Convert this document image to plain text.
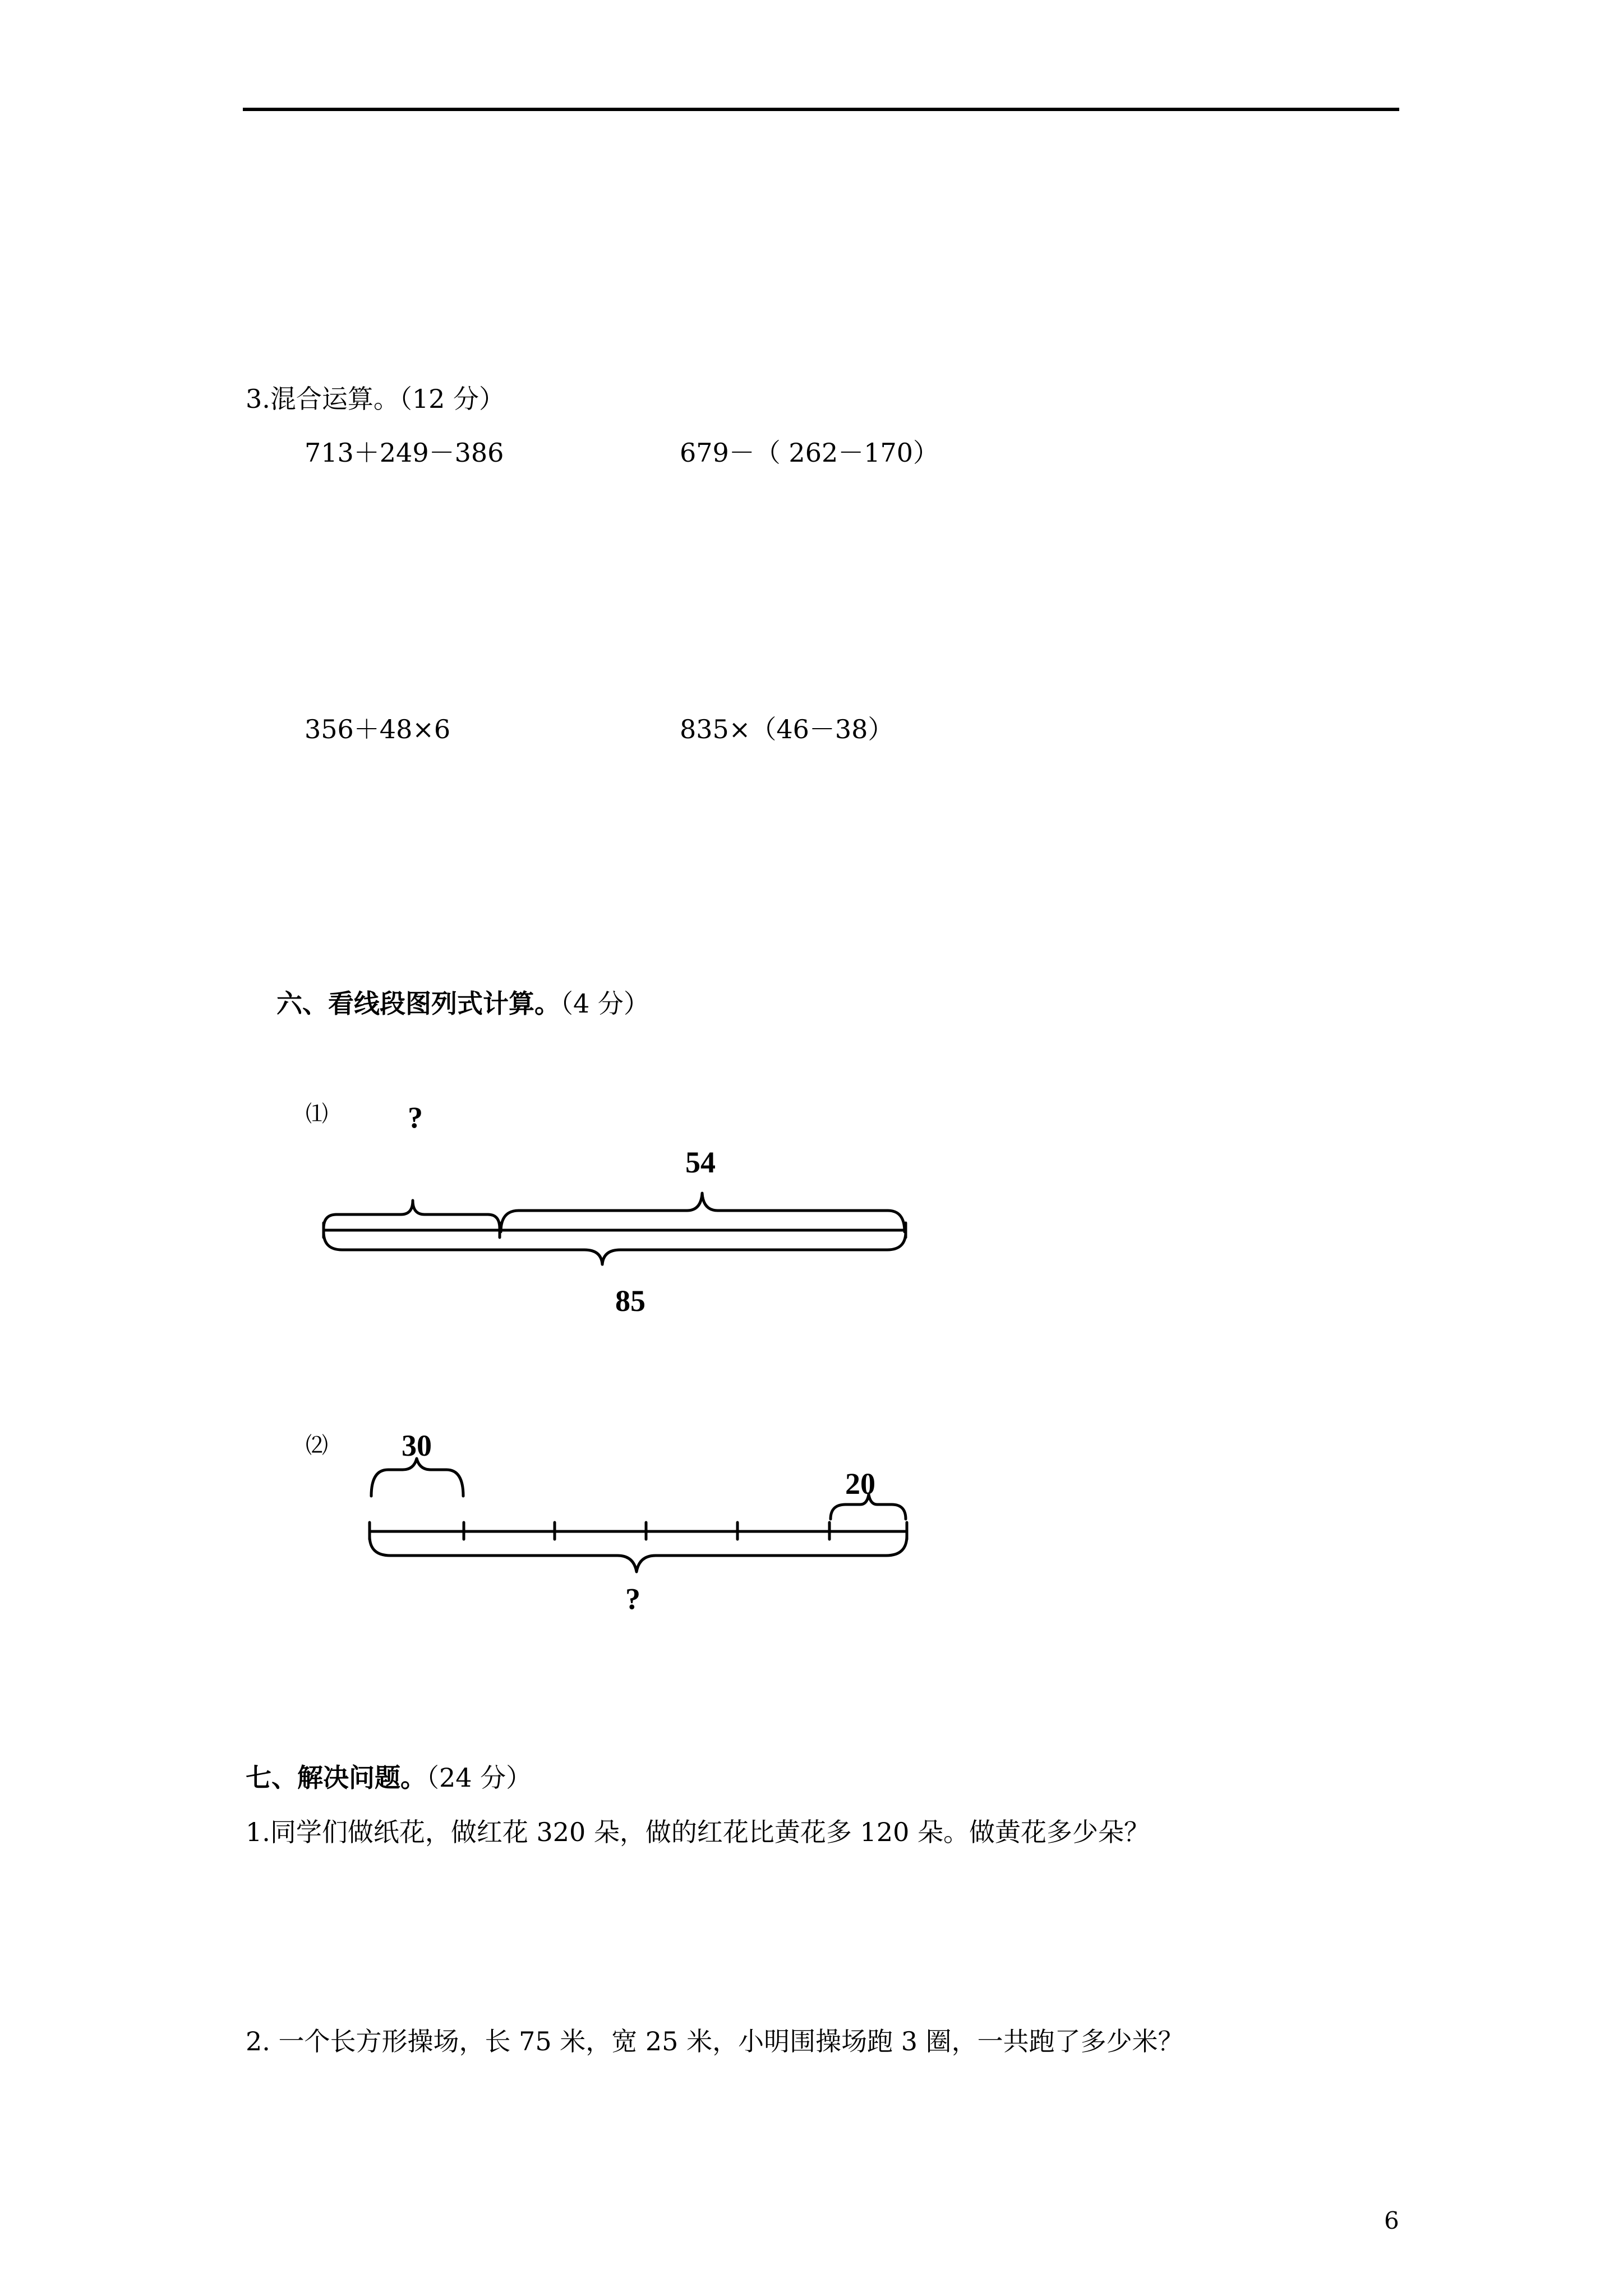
3.混合运算。（12 分）
713＋249－386	679－（ 262－170）
356＋48×6	835×（46－38）
六、看线段图列式计算。（4 分）
⑴	?
54
85
⑵ 30
20
?
七、解决问题。（24 分）
1.同学们做纸花，做红花 320 朵，做的红花比黄花多 120 朵。做黄花多少朵？
2. 一个长方形操场，长 75 米，宽 25 米，小明围操场跑 3 圈，一共跑了多少米？
6
